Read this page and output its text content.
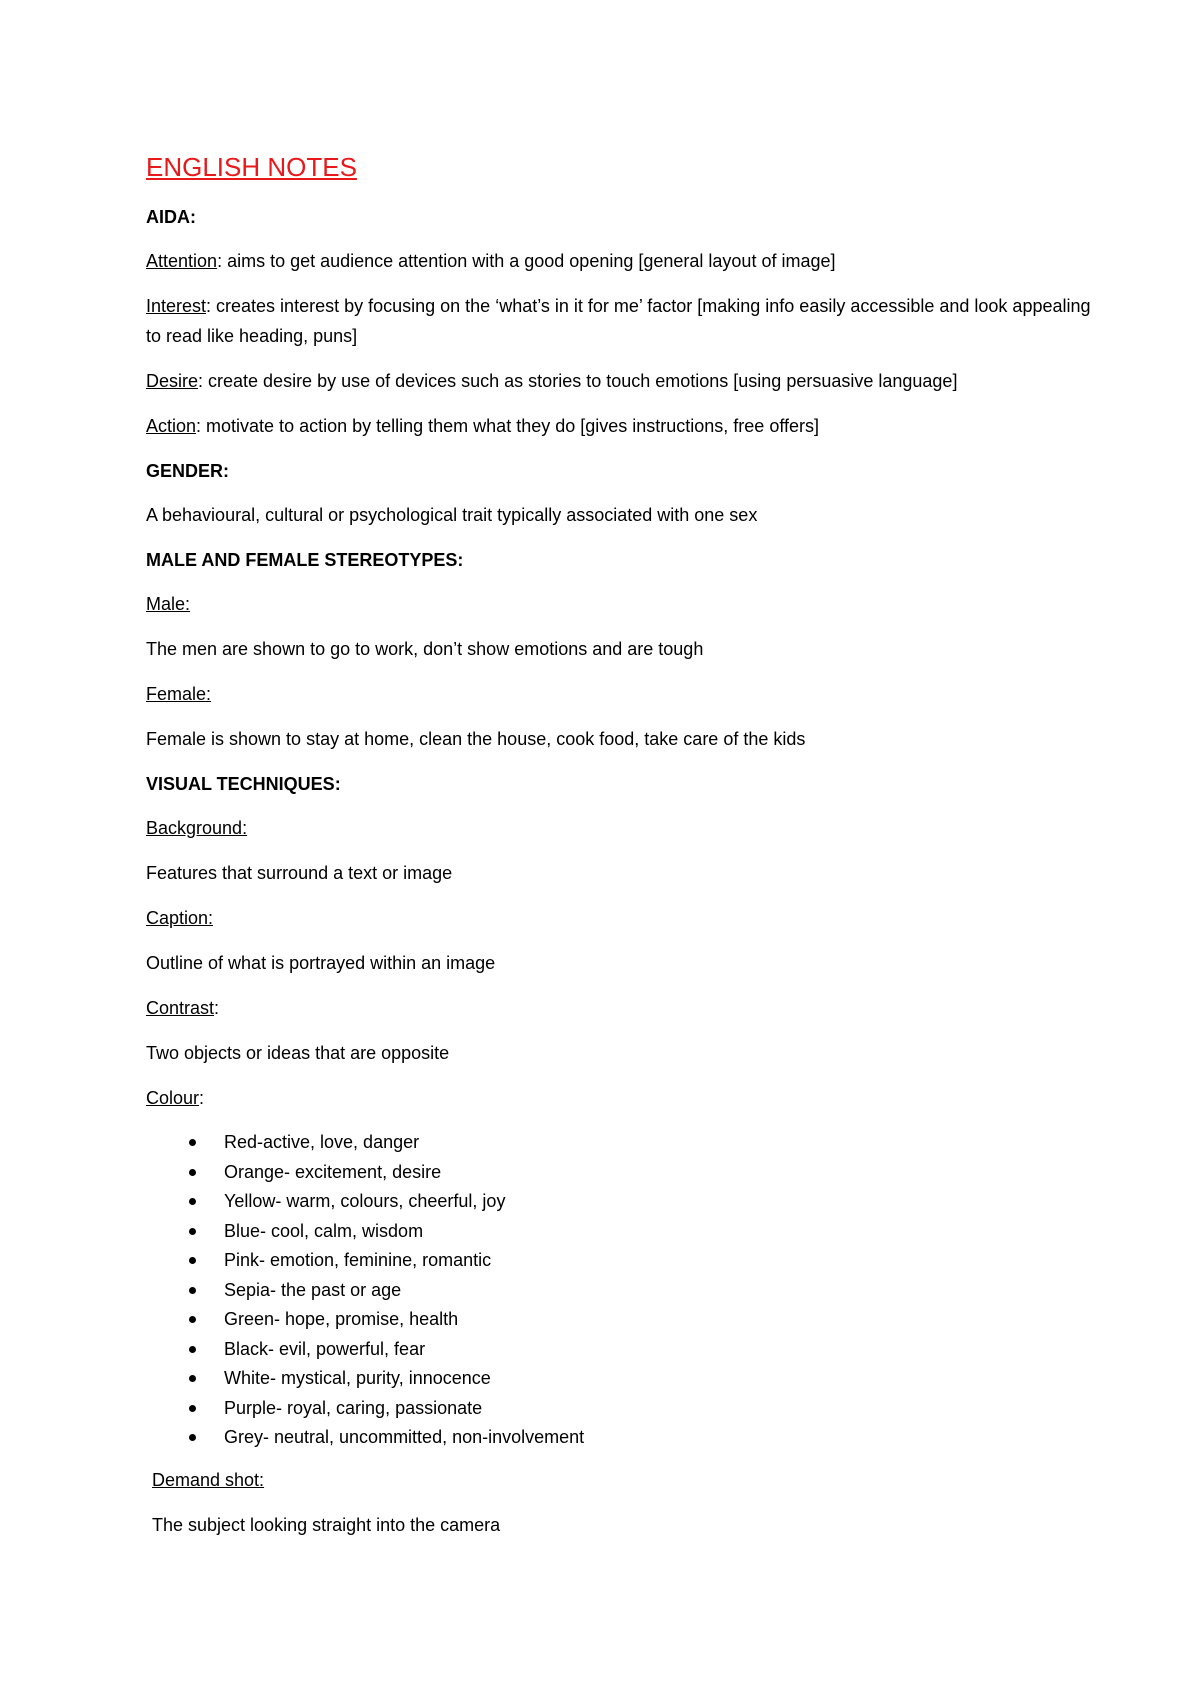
ENGLISH NOTES
AIDA:
Attention: aims to get audience attention with a good opening [general layout of image]
Interest: creates interest by focusing on the ‘what’s in it for me’ factor [making info easily accessible and look appealing to read like heading, puns]
Desire: create desire by use of devices such as stories to touch emotions [using persuasive language]
Action: motivate to action by telling them what they do [gives instructions, free offers]
GENDER:
A behavioural, cultural or psychological trait typically associated with one sex
MALE AND FEMALE STEREOTYPES:
Male:
The men are shown to go to work, don’t show emotions and are tough
Female:
Female is shown to stay at home, clean the house, cook food, take care of the kids
VISUAL TECHNIQUES:
Background:
Features that surround a text or image
Caption:
Outline of what is portrayed within an image
Contrast:
Two objects or ideas that are opposite
Colour:
Red-active, love, danger
Orange- excitement, desire
Yellow- warm, colours, cheerful, joy
Blue- cool, calm, wisdom
Pink- emotion, feminine, romantic
Sepia- the past or age
Green- hope, promise, health
Black- evil, powerful, fear
White- mystical, purity, innocence
Purple- royal, caring, passionate
Grey- neutral, uncommitted, non-involvement
Demand shot:
The subject looking straight into the camera
